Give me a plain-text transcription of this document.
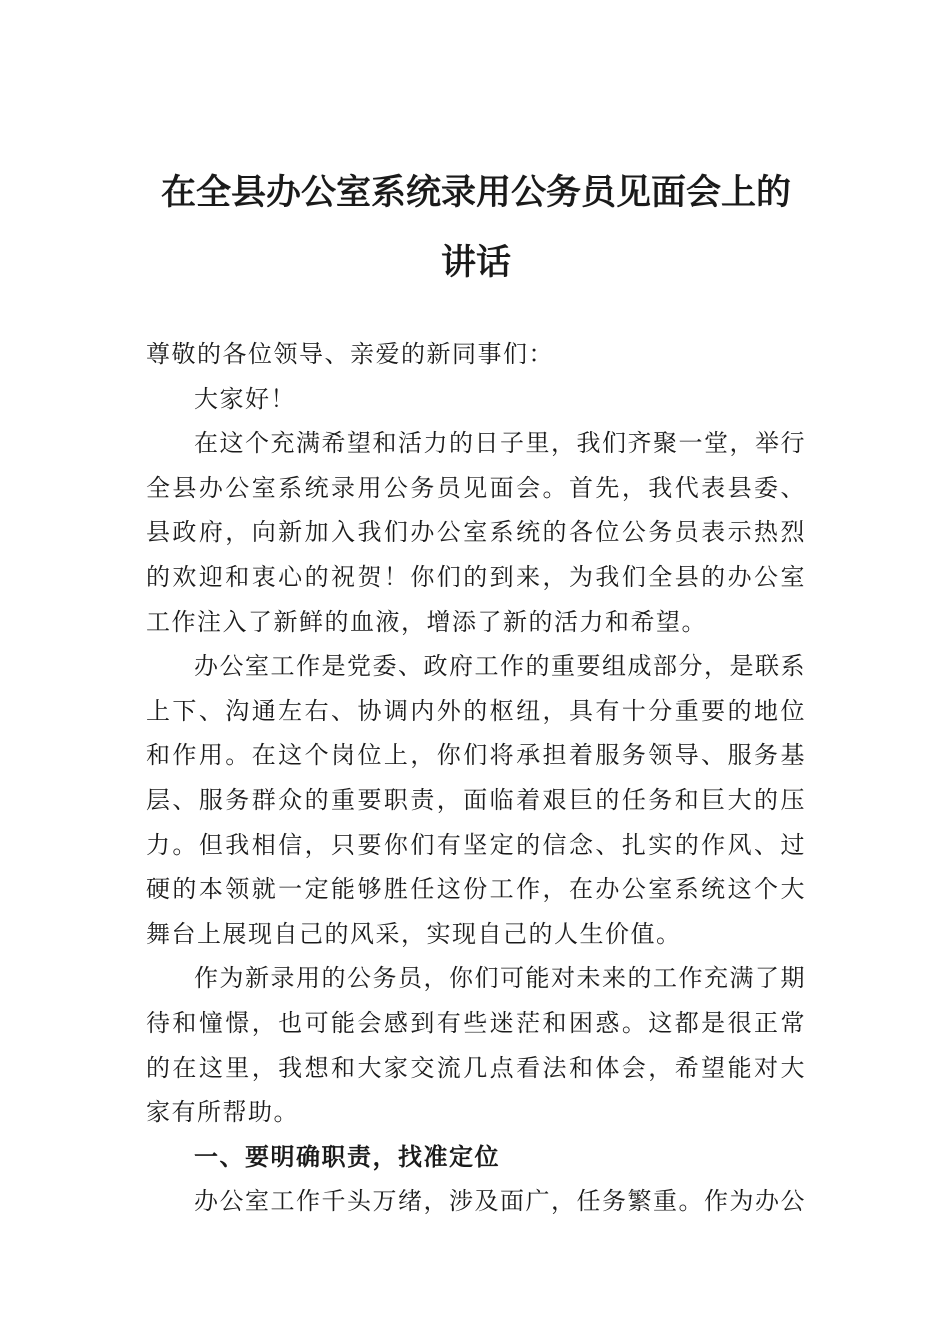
在全县办公室系统录用公务员见面会上的讲话

尊敬的各位领导、亲爱的新同事们：

大家好！

在这个充满希望和活力的日子里，我们齐聚一堂，举行全县办公室系统录用公务员见面会。首先，我代表县委、县政府，向新加入我们办公室系统的各位公务员表示热烈的欢迎和衷心的祝贺！你们的到来，为我们全县的办公室工作注入了新鲜的血液，增添了新的活力和希望。

办公室工作是党委、政府工作的重要组成部分，是联系上下、沟通左右、协调内外的枢纽，具有十分重要的地位和作用。在这个岗位上，你们将承担着服务领导、服务基层、服务群众的重要职责，面临着艰巨的任务和巨大的压力。但我相信，只要你们有坚定的信念、扎实的作风、过硬的本领就一定能够胜任这份工作，在办公室系统这个大舞台上展现自己的风采，实现自己的人生价值。

作为新录用的公务员，你们可能对未来的工作充满了期待和憧憬，也可能会感到有些迷茫和困惑。这都是很正常的在这里，我想和大家交流几点看法和体会，希望能对大家有所帮助。

一、要明确职责，找准定位

办公室工作千头万绪，涉及面广，任务繁重。作为办公
